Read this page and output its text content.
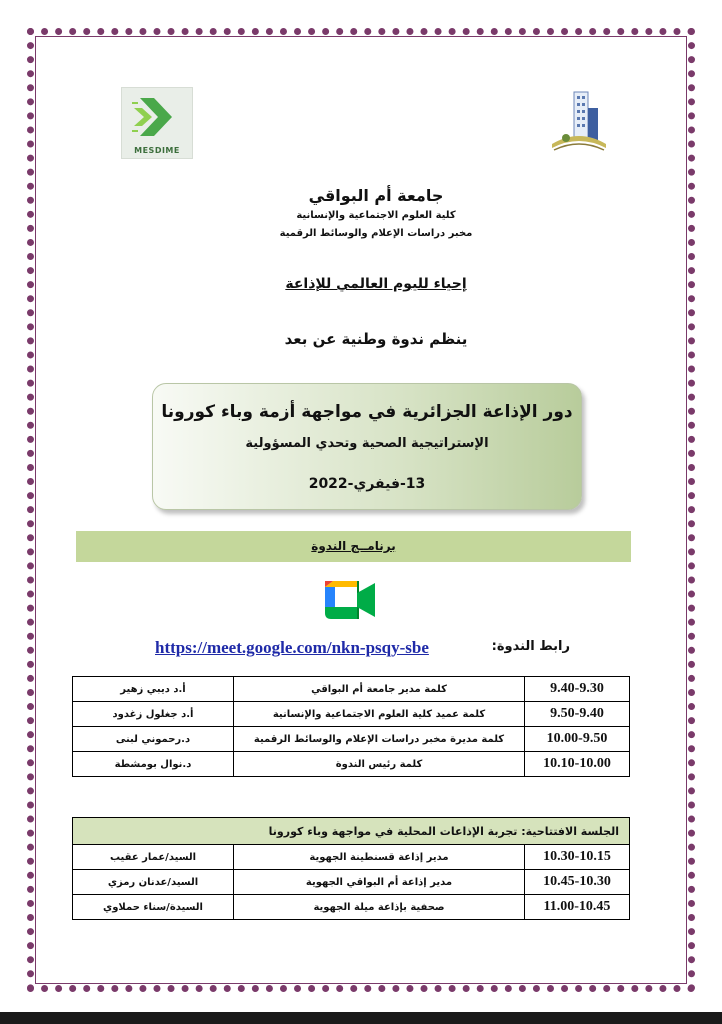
MESDIME
جامعة أم البواقي
كلية العلوم الاجتماعية والإنسانية
مخبر دراسات الإعلام والوسائط الرقمية
إحياء لليوم العالمي للإذاعة
ينظم ندوة وطنية عن بعد
دور الإذاعة الجزائرية في مواجهة أزمة وباء كورونا
الإستراتيجية الصحية وتحدي المسؤولية
13-فيفري-2022
برنامــج الندوة
https://meet.google.com/nkn-psqy-sbe	رابط الندوة:
أ.د ديبي زهير	كلمة مدير جامعة أم البواقي	9.40-9.30
أ.د جغلول زغدود	كلمة عميد كلية العلوم الاجتماعية والإنسانية	9.50-9.40
د.رحموني لبنى	كلمة مديرة مخبر دراسات الإعلام والوسائط الرقمية	10.00-9.50
د.نوال بومشطة	كلمة رئيس الندوة	10.10-10.00
الجلسة الافتتاحية: تجربة الإذاعات المحلية في مواجهة وباء كورونا		
السيد/عمار عقيب	مدير إذاعة قسنطينة الجهوية	10.30-10.15
السيد/عدنان رمزي	مدير إذاعة أم البواقي الجهوية	10.45-10.30
السيدة/سناء حملاوي	صحفية بإذاعة ميلة الجهوية	11.00-10.45
